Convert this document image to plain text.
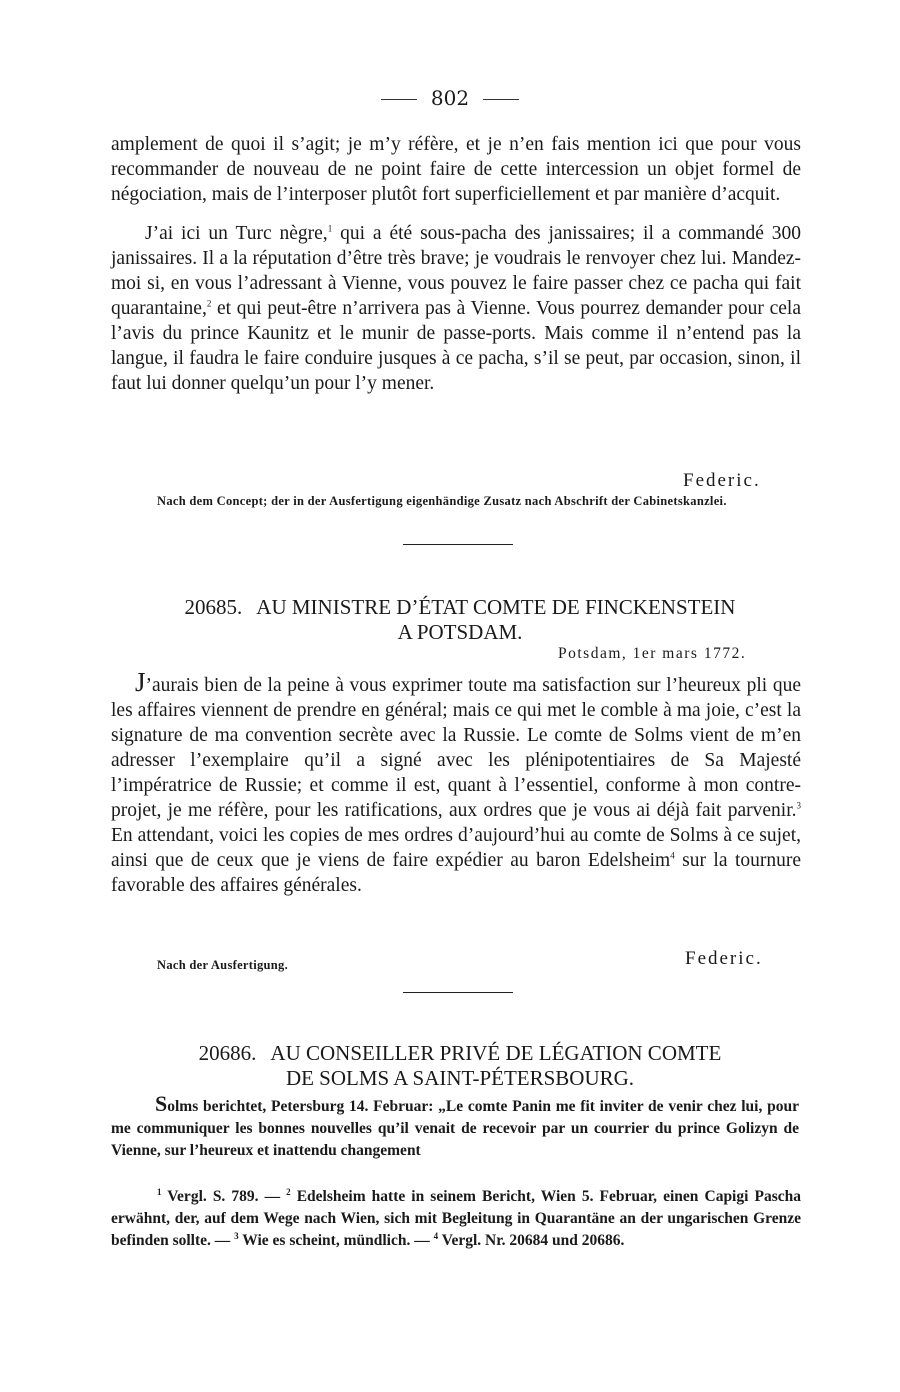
802

amplement de quoi il s’agit; je m’y réfère, et je n’en fais mention ici que pour vous recommander de nouveau de ne point faire de cette intercession un objet formel de négociation, mais de l’interposer plutôt fort superficiellement et par manière d’acquit.

J’ai ici un Turc nègre,$^1$ qui a été sous-pacha des janissaires; il a commandé 300 janissaires. Il a la réputation d’être très brave; je voudrais le renvoyer chez lui. Mandez-moi si, en vous l’adressant à Vienne, vous pouvez le faire passer chez ce pacha qui fait quarantaine,$^2$ et qui peut-être n’arrivera pas à Vienne. Vous pourrez demander pour cela l’avis du prince Kaunitz et le munir de passe-ports. Mais comme il n’entend pas la langue, il faudra le faire conduire jusques à ce pacha, s’il se peut, par occasion, sinon, il faut lui donner quelqu’un pour l’y mener.

Federic.
Nach dem Concept; der in der Ausfertigung eigenhändige Zusatz nach Abschrift der Cabinetskanzlei.
20685. AU MINISTRE D’ÉTAT COMTE DE FINCKENSTEIN
A POTSDAM.
Potsdam, 1er mars 1772.

J’aurais bien de la peine à vous exprimer toute ma satisfaction sur l’heureux pli que les affaires viennent de prendre en général; mais ce qui met le comble à ma joie, c’est la signature de ma convention secrète avec la Russie. Le comte de Solms vient de m’en adresser l’exemplaire qu’il a signé avec les plénipotentiaires de Sa Majesté l’impératrice de Russie; et comme il est, quant à l’essentiel, conforme à mon contre-projet, je me réfère, pour les ratifications, aux ordres que je vous ai déjà fait parvenir.$^3$ En attendant, voici les copies de mes ordres d’aujourd’hui au comte de Solms à ce sujet, ainsi que de ceux que je viens de faire expédier au baron Edelsheim$^4$ sur la tournure favorable des affaires générales.

Nach der Ausfertigung.	Federic.
20686. AU CONSEILLER PRIVÉ DE LÉGATION COMTE
DE SOLMS A SAINT-PÉTERSBOURG.

Solms berichtet, Petersburg 14. Februar: „Le comte Panin me fit inviter de venir chez lui, pour me communiquer les bonnes nouvelles qu’il venait de recevoir par un courrier du prince Golizyn de Vienne, sur l’heureux et inattendu changement

$^1$ Vergl. S. 789. — $^2$ Edelsheim hatte in seinem Bericht, Wien 5. Februar, einen Capigi Pascha erwähnt, der, auf dem Wege nach Wien, sich mit Begleitung in Quarantäne an der ungarischen Grenze befinden sollte. — $^3$ Wie es scheint, mündlich. — $^4$ Vergl. Nr. 20684 und 20686.
